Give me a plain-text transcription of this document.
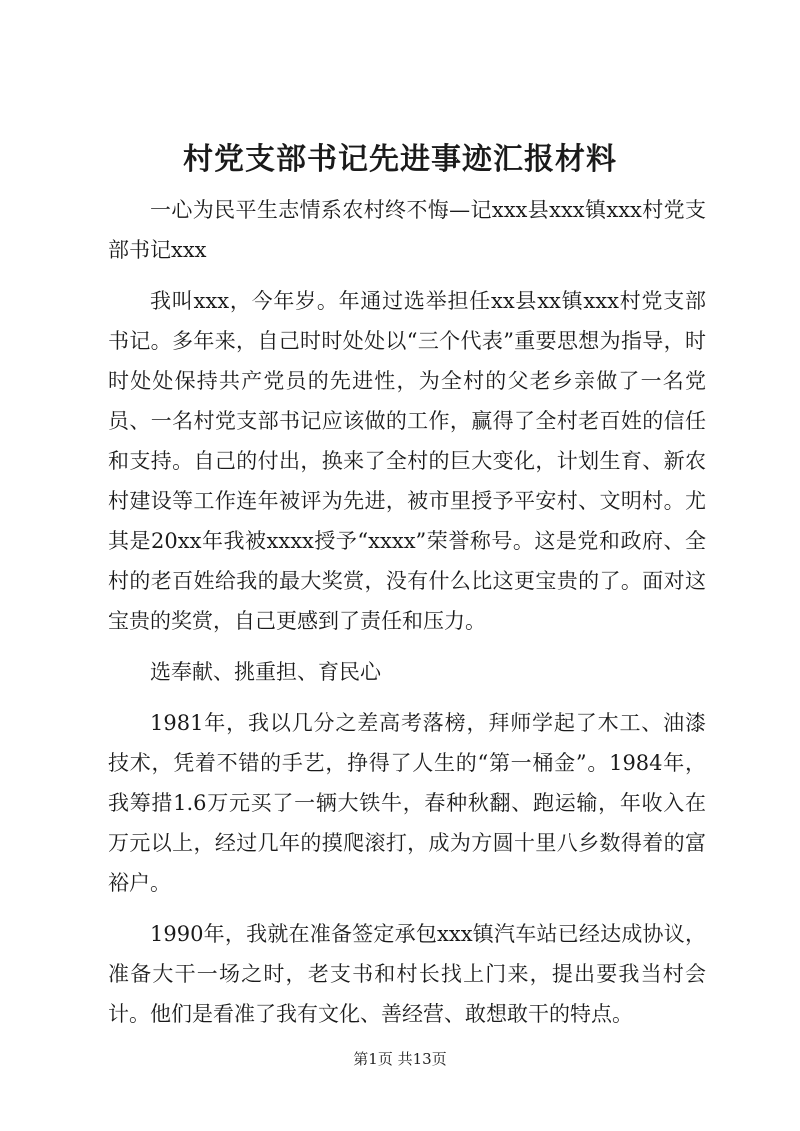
村党支部书记先进事迹汇报材料

一心为民平生志情系农村终不悔—记xxx县xxx镇xxx村党支部书记xxx

我叫xxx，今年岁。年通过选举担任xx县xx镇xxx村党支部书记。多年来，自己时时处处以“三个代表”重要思想为指导，时时处处保持共产党员的先进性，为全村的父老乡亲做了一名党员、一名村党支部书记应该做的工作，赢得了全村老百姓的信任和支持。自己的付出，换来了全村的巨大变化，计划生育、新农村建设等工作连年被评为先进，被市里授予平安村、文明村。尤其是20xx年我被xxxx授予“xxxx”荣誉称号。这是党和政府、全村的老百姓给我的最大奖赏，没有什么比这更宝贵的了。面对这宝贵的奖赏，自己更感到了责任和压力。

选奉献、挑重担、育民心

1981年，我以几分之差高考落榜，拜师学起了木工、油漆技术，凭着不错的手艺，挣得了人生的“第一桶金”。1984年，我筹措1.6万元买了一辆大铁牛，春种秋翻、跑运输，年收入在万元以上，经过几年的摸爬滚打，成为方圆十里八乡数得着的富裕户。

1990年，我就在准备签定承包xxx镇汽车站已经达成协议，准备大干一场之时，老支书和村长找上门来，提出要我当村会计。他们是看准了我有文化、善经营、敢想敢干的特点。

第1页 共13页
